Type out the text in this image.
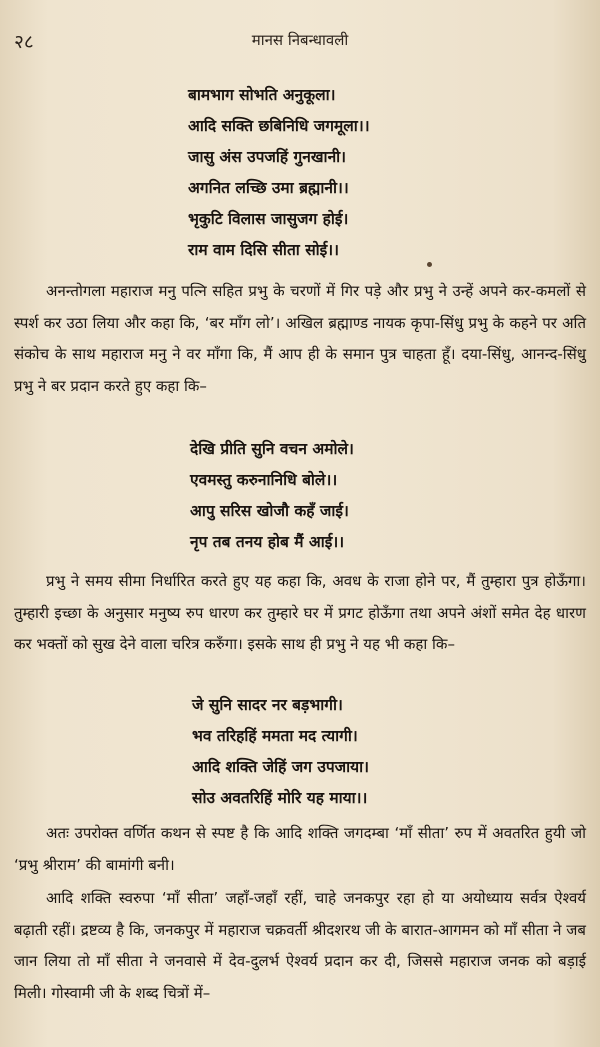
२८	मानस निबन्धावली
बामभाग सोभति अनुकूला।
आदि सक्ति छबिनिधि जगमूला।।
जासु अंस उपजहिं गुनखानी।
अगनित लच्छि उमा ब्रह्मानी।।
भृकुटि विलास जासुजग होई।
राम वाम दिसि सीता सोई।।
अनन्तोगला महाराज मनु पत्नि सहित प्रभु के चरणों में गिर पड़े और प्रभु ने उन्हें अपने कर-कमलों से स्पर्श कर उठा लिया और कहा कि, ‘बर माँग लो’। अखिल ब्रह्माण्ड नायक कृपा-सिंधु प्रभु के कहने पर अति संकोच के साथ महाराज मनु ने वर माँगा कि, मैं आप ही के समान पुत्र चाहता हूँ। दया-सिंधु, आनन्द-सिंधु प्रभु ने बर प्रदान करते हुए कहा कि–
देखि प्रीति सुनि वचन अमोले।
एवमस्तु करुनानिधि बोले।।
आपु सरिस खोजौ कहँ जाई।
नृप तब तनय होब मैं आई।।
प्रभु ने समय सीमा निर्धारित करते हुए यह कहा कि, अवध के राजा होने पर, मैं तुम्हारा पुत्र होऊँगा। तुम्हारी इच्छा के अनुसार मनुष्य रुप धारण कर तुम्हारे घर में प्रगट होऊँगा तथा अपने अंशों समेत देह धारण कर भक्तों को सुख देने वाला चरित्र करुँगा। इसके साथ ही प्रभु ने यह भी कहा कि–
जे सुनि सादर नर बड़भागी।
भव तरिहहिं ममता मद त्यागी।
आदि शक्ति जेहिं जग उपजाया।
सोउ अवतरिहिं मोरि यह माया।।
अतः उपरोक्त वर्णित कथन से स्पष्ट है कि आदि शक्ति जगदम्बा ‘माँ सीता’ रुप में अवतरित हुयी जो ‘प्रभु श्रीराम’ की बामांगी बनी।
आदि शक्ति स्वरुपा ‘माँ सीता’ जहाँ-जहाँ रहीं, चाहे जनकपुर रहा हो या अयोध्याय सर्वत्र ऐश्वर्य बढ़ाती रहीं। द्रष्टव्य है कि, जनकपुर में महाराज चक्रवर्ती श्रीदशरथ जी के बारात-आगमन को माँ सीता ने जब जान लिया तो माँ सीता ने जनवासे में देव-दुलर्भ ऐश्वर्य प्रदान कर दी, जिससे महाराज जनक को बड़ाई मिली। गोस्वामी जी के शब्द चित्रों में–
